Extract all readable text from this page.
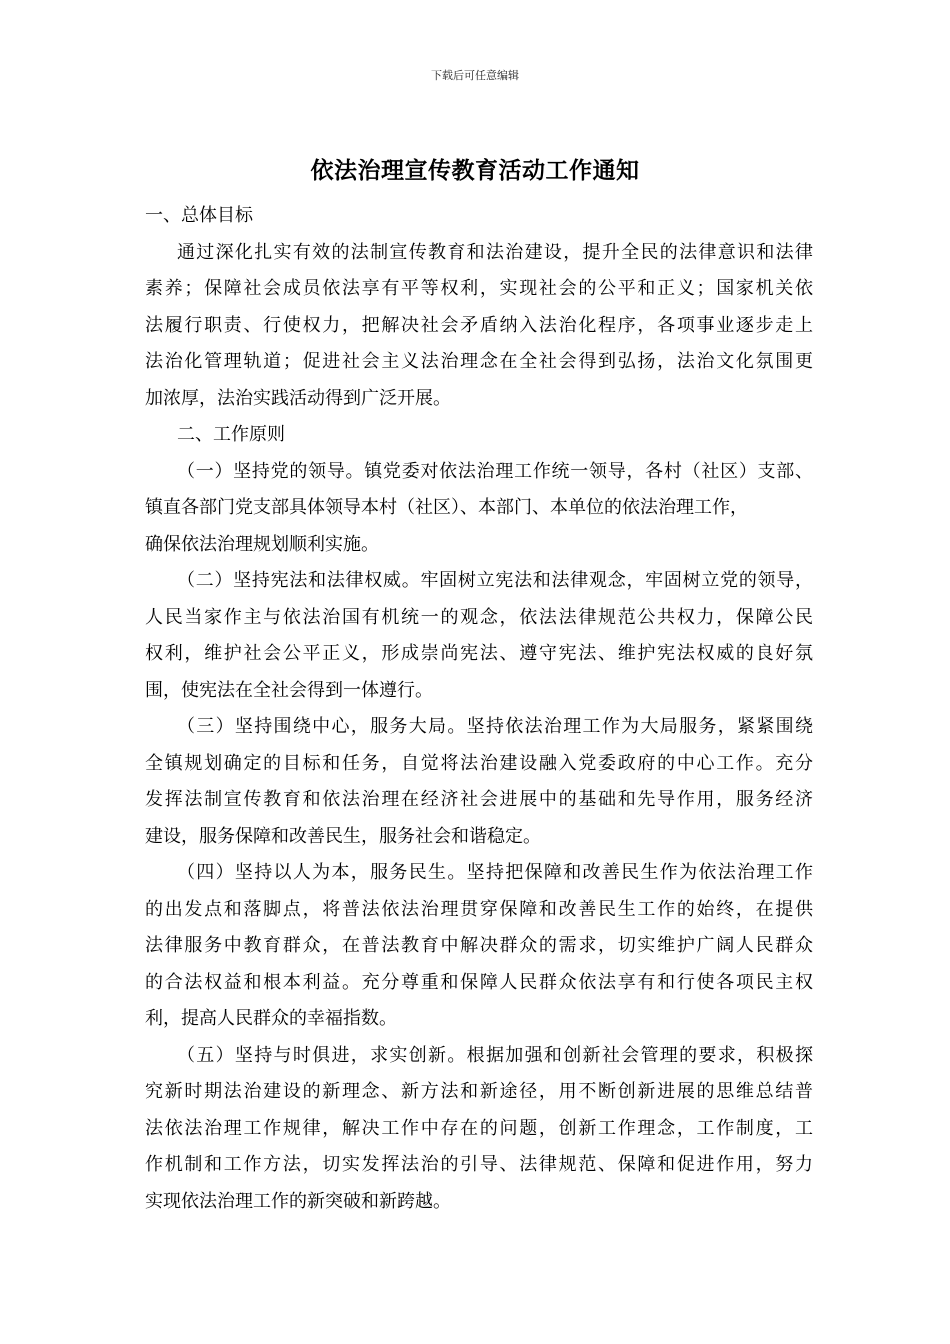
下载后可任意编辑
依法治理宣传教育活动工作通知
一、总体目标
通过深化扎实有效的法制宣传教育和法治建设，提升全民的法律意识和法律
素养；保障社会成员依法享有平等权利，实现社会的公平和正义；国家机关依
法履行职责、行使权力，把解决社会矛盾纳入法治化程序，各项事业逐步走上
法治化管理轨道；促进社会主义法治理念在全社会得到弘扬，法治文化氛围更
加浓厚，法治实践活动得到广泛开展。
二、工作原则
（一）坚持党的领导。镇党委对依法治理工作统一领导，各村（社区）支部、
镇直各部门党支部具体领导本村（社区）、本部门、本单位的依法治理工作，
确保依法治理规划顺利实施。
（二）坚持宪法和法律权威。牢固树立宪法和法律观念，牢固树立党的领导，
人民当家作主与依法治国有机统一的观念，依法法律规范公共权力，保障公民
权利，维护社会公平正义，形成崇尚宪法、遵守宪法、维护宪法权威的良好氛
围，使宪法在全社会得到一体遵行。
（三）坚持围绕中心，服务大局。坚持依法治理工作为大局服务，紧紧围绕
全镇规划确定的目标和任务，自觉将法治建设融入党委政府的中心工作。充分
发挥法制宣传教育和依法治理在经济社会进展中的基础和先导作用，服务经济
建设，服务保障和改善民生，服务社会和谐稳定。
（四）坚持以人为本，服务民生。坚持把保障和改善民生作为依法治理工作
的出发点和落脚点，将普法依法治理贯穿保障和改善民生工作的始终，在提供
法律服务中教育群众，在普法教育中解决群众的需求，切实维护广阔人民群众
的合法权益和根本利益。充分尊重和保障人民群众依法享有和行使各项民主权
利，提高人民群众的幸福指数。
（五）坚持与时俱进，求实创新。根据加强和创新社会管理的要求，积极探
究新时期法治建设的新理念、新方法和新途径，用不断创新进展的思维总结普
法依法治理工作规律，解决工作中存在的问题，创新工作理念，工作制度，工
作机制和工作方法，切实发挥法治的引导、法律规范、保障和促进作用，努力
实现依法治理工作的新突破和新跨越。
